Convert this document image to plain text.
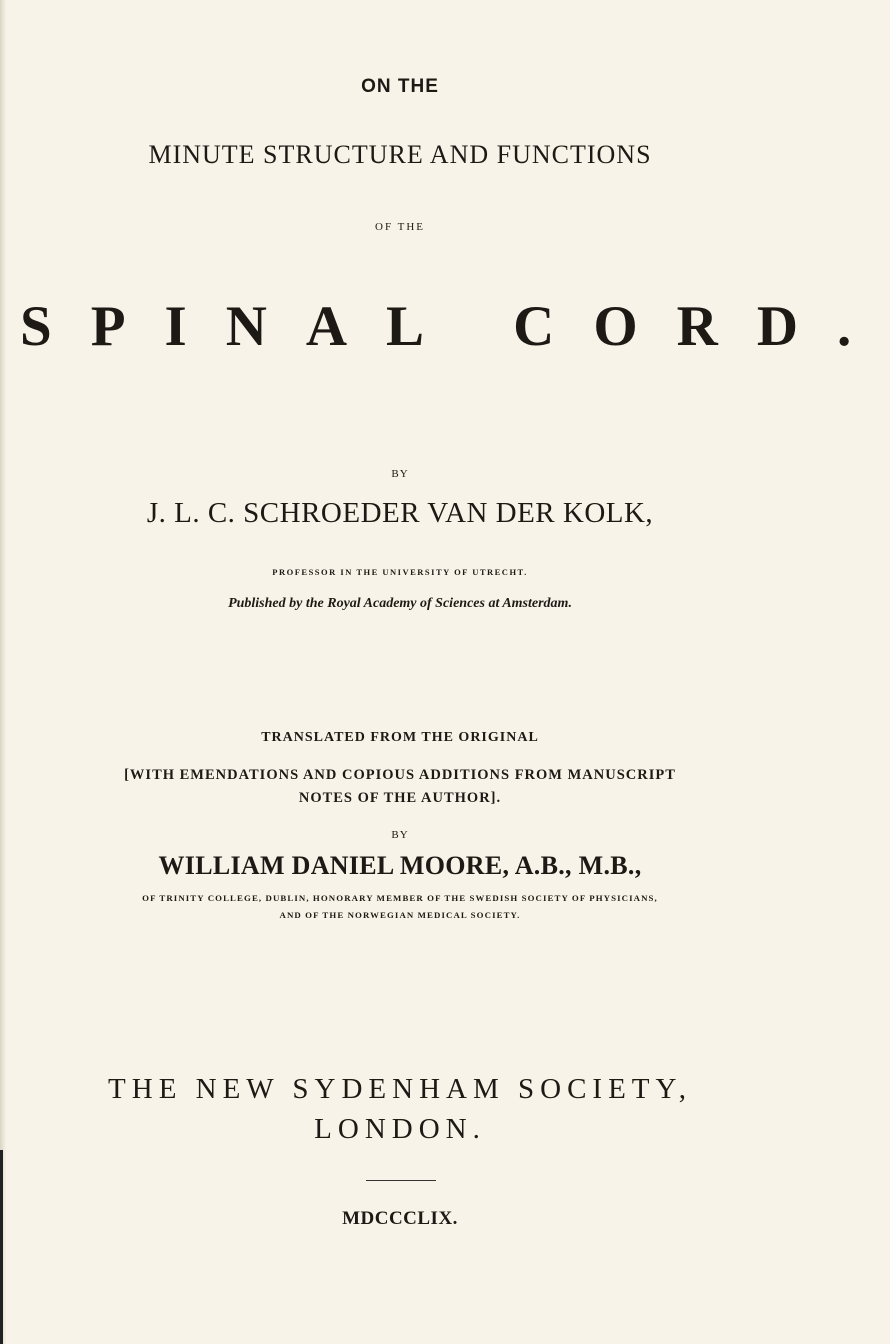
ON THE
MINUTE STRUCTURE AND FUNCTIONS
OF THE
SPINAL CORD.
BY
J. L. C. SCHROEDER VAN DER KOLK,
PROFESSOR IN THE UNIVERSITY OF UTRECHT.
Published by the Royal Academy of Sciences at Amsterdam.
TRANSLATED FROM THE ORIGINAL
[WITH EMENDATIONS AND COPIOUS ADDITIONS FROM MANUSCRIPT
NOTES OF THE AUTHOR].
BY
WILLIAM DANIEL MOORE, A.B., M.B.,
OF TRINITY COLLEGE, DUBLIN, HONORARY MEMBER OF THE SWEDISH SOCIETY OF PHYSICIANS,
AND OF THE NORWEGIAN MEDICAL SOCIETY.
THE NEW SYDENHAM SOCIETY,
LONDON.
MDCCCLIX.
